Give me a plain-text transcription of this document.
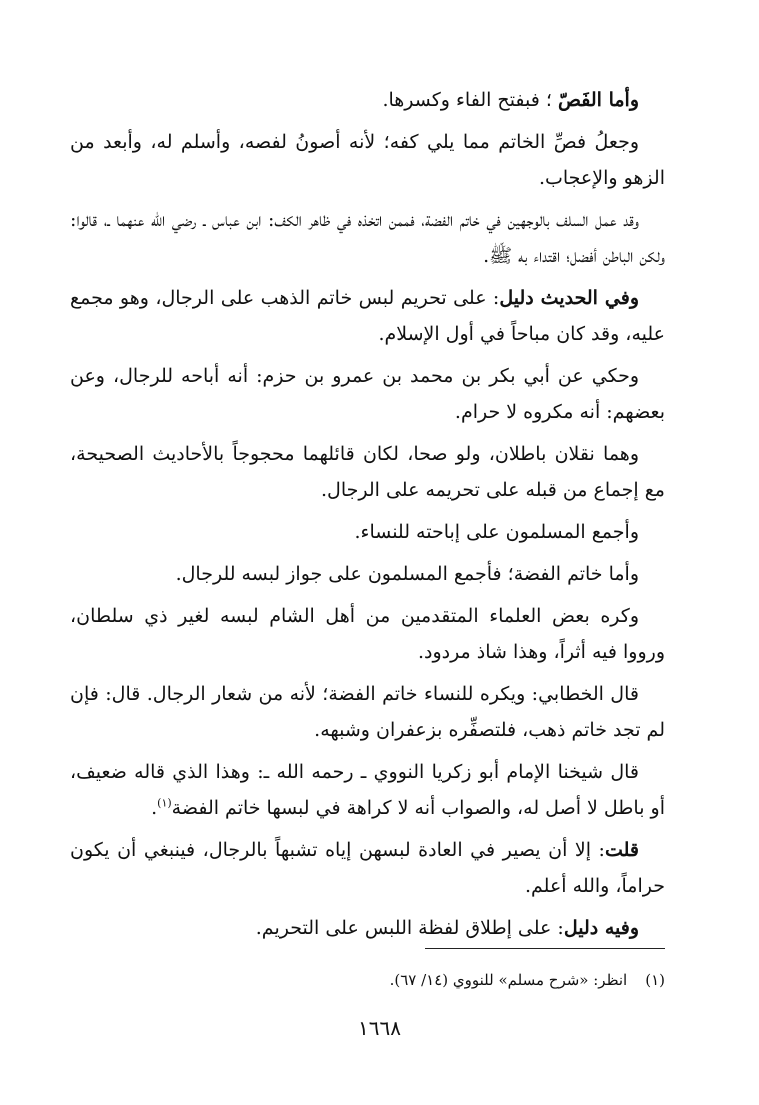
وأما الفَصّ ؛ فبفتح الفاء وكسرها.

وجعلُ فصِّ الخاتم مما يلي كفه؛ لأنه أصونُ لفصه، وأسلم له، وأبعد من الزهو والإعجاب.

وقد عمل السلف بالوجهين في خاتم الفضة، فممن اتخذه في ظاهر الكف: ابن عباس ـ رضي الله عنهما ـ، قالوا: ولكن الباطن أفضل؛ اقتداء به ﷺ.

وفي الحديث دليل: على تحريم لبس خاتم الذهب على الرجال، وهو مجمع عليه، وقد كان مباحاً في أول الإسلام.

وحكي عن أبي بكر بن محمد بن عمرو بن حزم: أنه أباحه للرجال، وعن بعضهم: أنه مكروه لا حرام.

وهما نقلان باطلان، ولو صحا، لكان قائلهما محجوجاً بالأحاديث الصحيحة، مع إجماع من قبله على تحريمه على الرجال.

وأجمع المسلمون على إباحته للنساء.

وأما خاتم الفضة؛ فأجمع المسلمون على جواز لبسه للرجال.

وكره بعض العلماء المتقدمين من أهل الشام لبسه لغير ذي سلطان، ورووا فيه أثراً، وهذا شاذ مردود.

قال الخطابي: ويكره للنساء خاتم الفضة؛ لأنه من شعار الرجال. قال: فإن لم تجد خاتم ذهب، فلتصفِّره بزعفران وشبهه.

قال شيخنا الإمام أبو زكريا النووي ـ رحمه الله ـ: وهذا الذي قاله ضعيف، أو باطل لا أصل له، والصواب أنه لا كراهة في لبسها خاتم الفضة$^{(١)}$.

قلت: إلا أن يصير في العادة لبسهن إياه تشبهاً بالرجال، فينبغي أن يكون حراماً، والله أعلم.

وفيه دليل: على إطلاق لفظة اللبس على التحريم.

(١)انظر: «شرح مسلم» للنووي (١٤/ ٦٧).
١٦٦٨
